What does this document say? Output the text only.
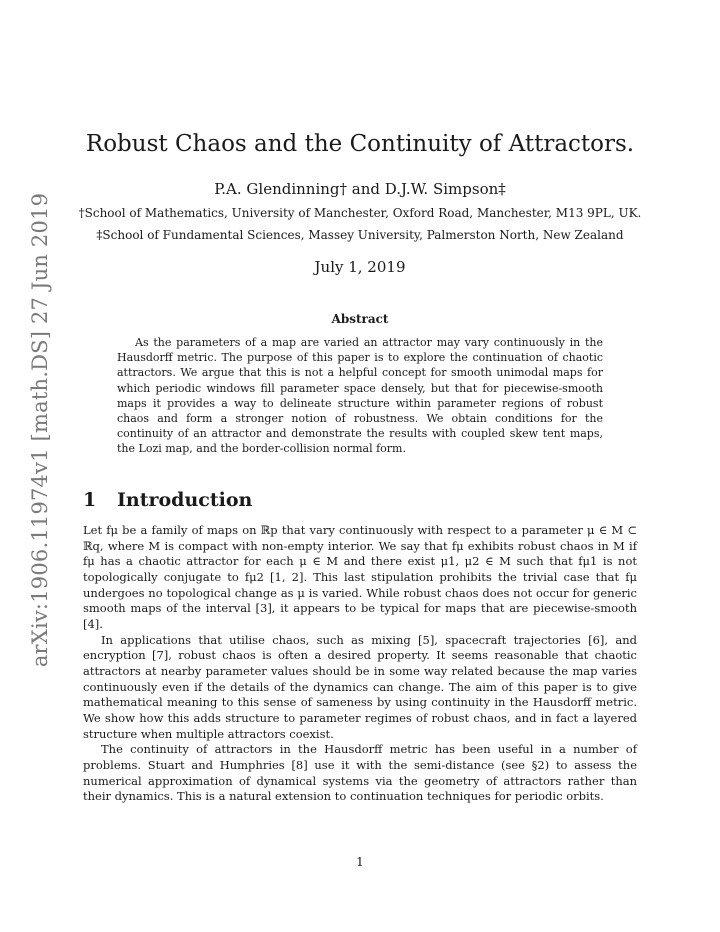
arXiv:1906.11974v1 [math.DS] 27 Jun 2019
Robust Chaos and the Continuity of Attractors.
P.A. Glendinning† and D.J.W. Simpson‡
†School of Mathematics, University of Manchester, Oxford Road, Manchester, M13 9PL, UK.
‡School of Fundamental Sciences, Massey University, Palmerston North, New Zealand
July 1, 2019
Abstract

As the parameters of a map are varied an attractor may vary continuously in the Hausdorff metric. The purpose of this paper is to explore the continuation of chaotic attractors. We argue that this is not a helpful concept for smooth unimodal maps for which periodic windows fill parameter space densely, but that for piecewise-smooth maps it provides a way to delineate structure within parameter regions of robust chaos and form a stronger notion of robustness. We obtain conditions for the continuity of an attractor and demonstrate the results with coupled skew tent maps, the Lozi map, and the border-collision normal form.

1 Introduction

Let fμ be a family of maps on ℝp that vary continuously with respect to a parameter μ ∈ M ⊂ ℝq, where M is compact with non-empty interior. We say that fμ exhibits robust chaos in M if fμ has a chaotic attractor for each μ ∈ M and there exist μ1, μ2 ∈ M such that fμ1 is not topologically conjugate to fμ2 [1, 2]. This last stipulation prohibits the trivial case that fμ undergoes no topological change as μ is varied. While robust chaos does not occur for generic smooth maps of the interval [3], it appears to be typical for maps that are piecewise-smooth [4].

In applications that utilise chaos, such as mixing [5], spacecraft trajectories [6], and encryption [7], robust chaos is often a desired property. It seems reasonable that chaotic attractors at nearby parameter values should be in some way related because the map varies continuously even if the details of the dynamics can change. The aim of this paper is to give mathematical meaning to this sense of sameness by using continuity in the Hausdorff metric. We show how this adds structure to parameter regimes of robust chaos, and in fact a layered structure when multiple attractors coexist.

The continuity of attractors in the Hausdorff metric has been useful in a number of problems. Stuart and Humphries [8] use it with the semi-distance (see §2) to assess the numerical approximation of dynamical systems via the geometry of attractors rather than their dynamics. This is a natural extension to continuation techniques for periodic orbits.

1
